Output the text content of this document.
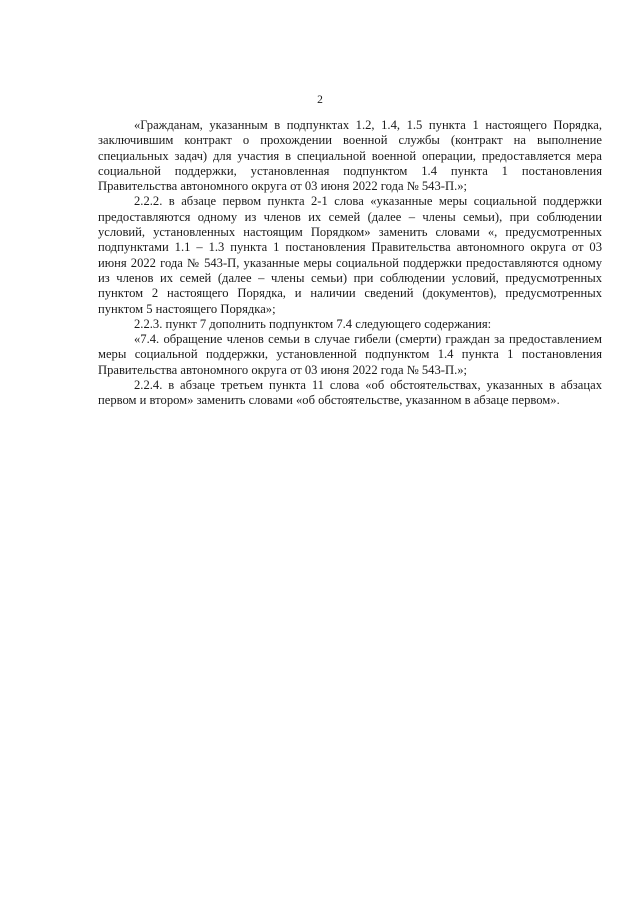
2

«Гражданам, указанным в подпунктах 1.2, 1.4, 1.5 пункта 1 настоящего Порядка, заключившим контракт о прохождении военной службы (контракт на выполнение специальных задач) для участия в специальной военной операции, предоставляется мера социальной поддержки, установленная подпунктом 1.4 пункта 1 постановления Правительства автономного округа от 03 июня 2022 года № 543-П.»;

2.2.2. в абзаце первом пункта 2-1 слова «указанные меры социальной поддержки предоставляются одному из членов их семей (далее – члены семьи), при соблюдении условий, установленных настоящим Порядком» заменить словами «, предусмотренных подпунктами 1.1 – 1.3 пункта 1 постановления Правительства автономного округа от 03 июня 2022 года № 543-П, указанные меры социальной поддержки предоставляются одному из членов их семей (далее – члены семьи) при соблюдении условий, предусмотренных пунктом 2 настоящего Порядка, и наличии сведений (документов), предусмотренных пунктом 5 настоящего Порядка»;

2.2.3. пункт 7 дополнить подпунктом 7.4 следующего содержания:

«7.4. обращение членов семьи в случае гибели (смерти) граждан за предоставлением меры социальной поддержки, установленной подпунктом 1.4 пункта 1 постановления Правительства автономного округа от 03 июня 2022 года № 543-П.»;

2.2.4. в абзаце третьем пункта 11 слова «об обстоятельствах, указанных в абзацах первом и втором» заменить словами «об обстоятельстве, указанном в абзаце первом».
